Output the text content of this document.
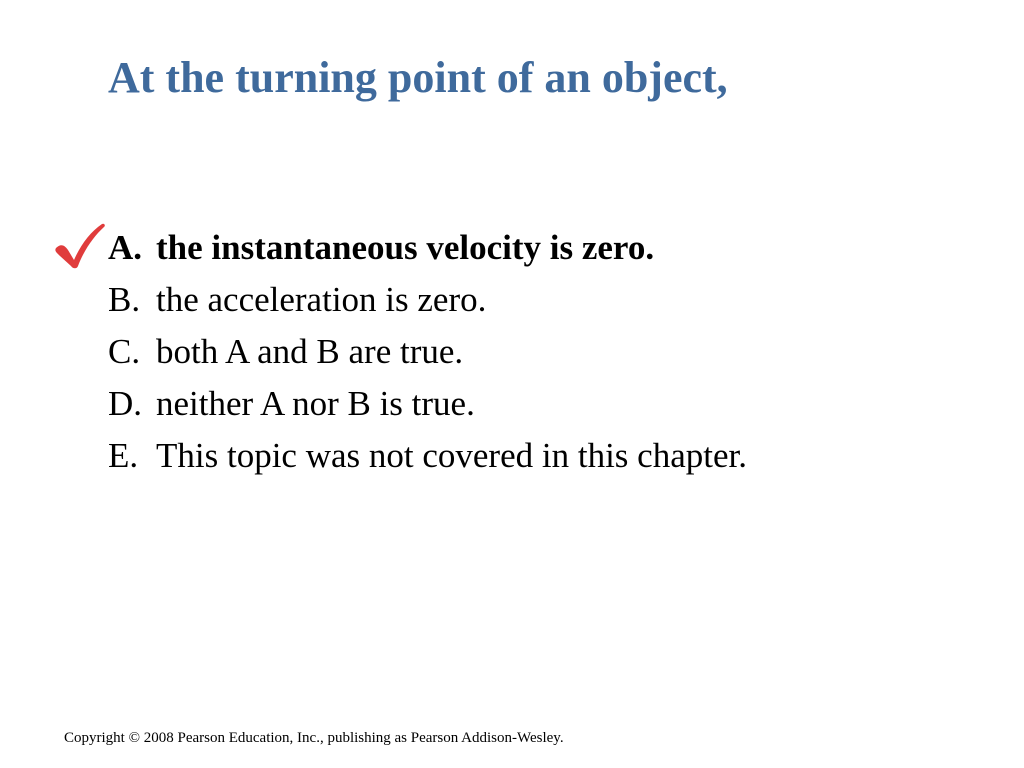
At the turning point of an object,
A. the instantaneous velocity is zero.
B. the acceleration is zero.
C. both A and B are true.
D. neither A nor B is true.
E. This topic was not covered in this chapter.
Copyright © 2008 Pearson Education, Inc., publishing as Pearson Addison-Wesley.
